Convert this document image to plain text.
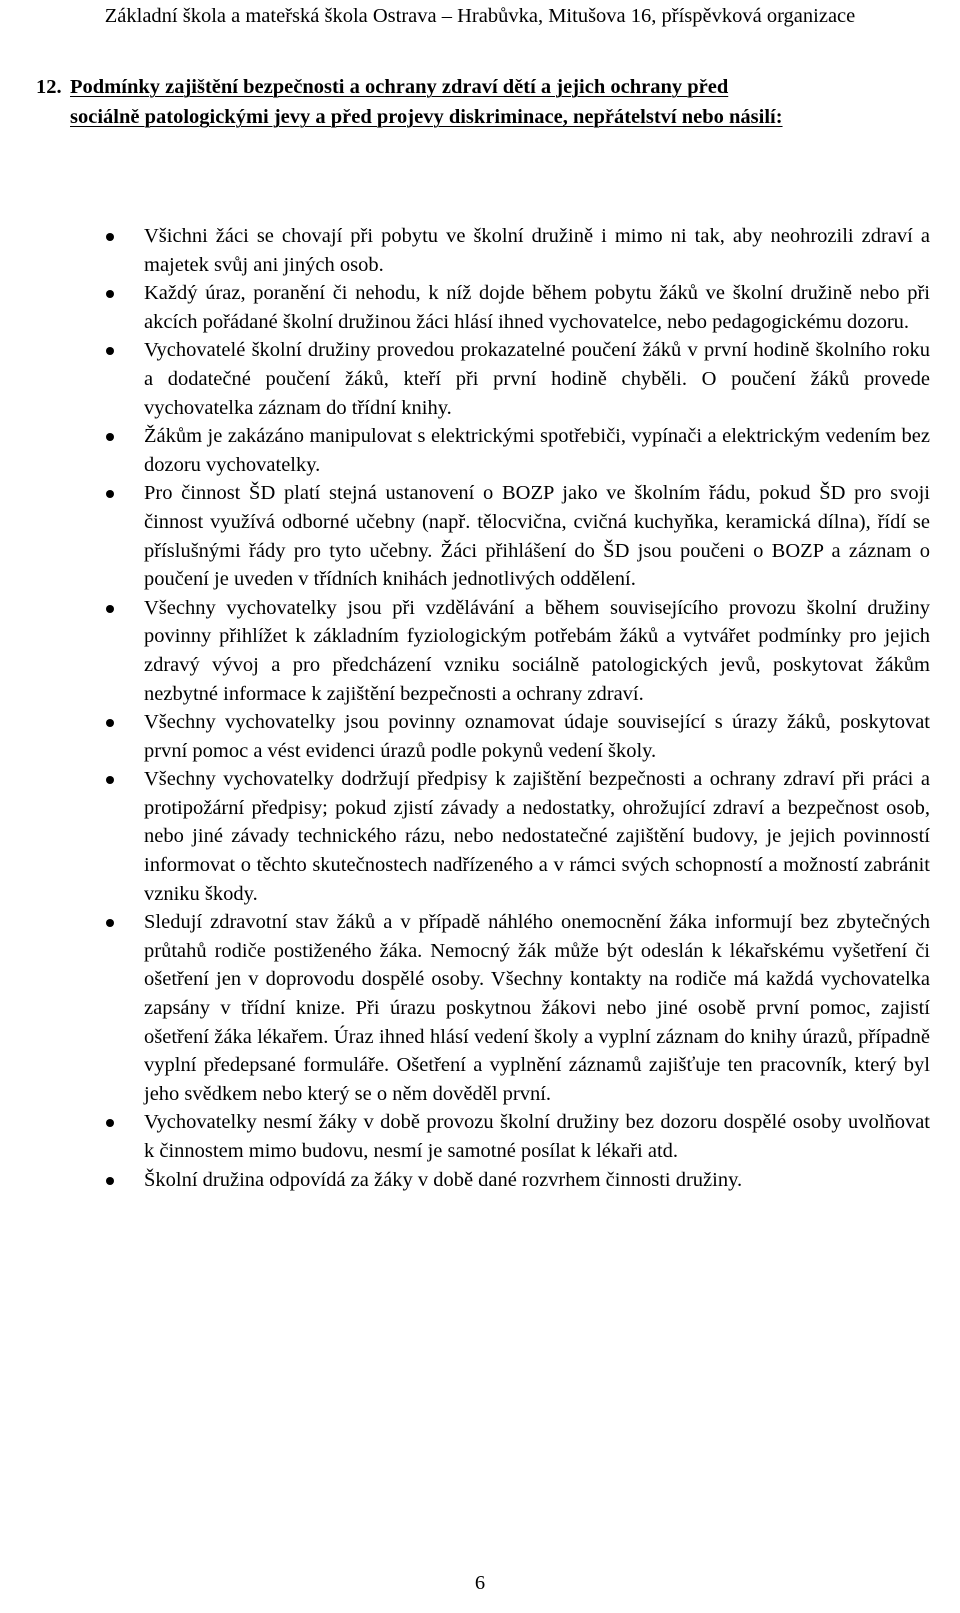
Základní škola a mateřská škola Ostrava – Hrabůvka, Mitušova 16, příspěvková organizace

12. Podmínky zajištění bezpečnosti a ochrany zdraví dětí a jejich ochrany před
sociálně patologickými jevy a před projevy diskriminace, nepřátelství nebo násilí:

Všichni žáci se chovají při pobytu ve školní družině i mimo ni tak, aby neohrozili zdraví a majetek svůj ani jiných osob.
Každý úraz, poranění či nehodu, k níž dojde během pobytu žáků ve školní družině nebo při akcích pořádané školní družinou žáci hlásí ihned vychovatelce, nebo pedagogickému dozoru.
Vychovatelé školní družiny provedou prokazatelné poučení žáků v první hodině školního roku a dodatečné poučení žáků, kteří při první hodině chyběli. O poučení žáků provede vychovatelka záznam do třídní knihy.
Žákům je zakázáno manipulovat s elektrickými spotřebiči, vypínači a elektrickým vedením bez dozoru vychovatelky.
Pro činnost ŠD platí stejná ustanovení o BOZP jako ve školním řádu, pokud ŠD pro svoji činnost využívá odborné učebny (např. tělocvična, cvičná kuchyňka, keramická dílna), řídí se příslušnými řády pro tyto učebny. Žáci přihlášení do ŠD jsou poučeni o BOZP a záznam o poučení je uveden v třídních knihách jednotlivých oddělení.
Všechny vychovatelky jsou při vzdělávání a během souvisejícího provozu školní družiny povinny přihlížet k základním fyziologickým potřebám žáků a vytvářet podmínky pro jejich zdravý vývoj a pro předcházení vzniku sociálně patologických jevů, poskytovat žákům nezbytné informace k zajištění bezpečnosti a ochrany zdraví.
Všechny vychovatelky jsou povinny oznamovat údaje související s úrazy žáků, poskytovat první pomoc a vést evidenci úrazů podle pokynů vedení školy.
Všechny vychovatelky dodržují předpisy k zajištění bezpečnosti a ochrany zdraví při práci a protipožární předpisy; pokud zjistí závady a nedostatky, ohrožující zdraví a bezpečnost osob, nebo jiné závady technického rázu, nebo nedostatečné zajištění budovy, je jejich povinností informovat o těchto skutečnostech nadřízeného a v rámci svých schopností a možností zabránit vzniku škody.
Sledují zdravotní stav žáků a v případě náhlého onemocnění žáka informují bez zbytečných průtahů rodiče postiženého žáka. Nemocný žák může být odeslán k lékařskému vyšetření či ošetření jen v doprovodu dospělé osoby. Všechny kontakty na rodiče má každá vychovatelka zapsány v třídní knize. Při úrazu poskytnou žákovi nebo jiné osobě první pomoc, zajistí ošetření žáka lékařem. Úraz ihned hlásí vedení školy a vyplní záznam do knihy úrazů, případně vyplní předepsané formuláře. Ošetření a vyplnění záznamů zajišťuje ten pracovník, který byl jeho svědkem nebo který se o něm dověděl první.
Vychovatelky nesmí žáky v době provozu školní družiny bez dozoru dospělé osoby uvolňovat k činnostem mimo budovu, nesmí je samotné posílat k lékaři atd.
Školní družina odpovídá za žáky v době dané rozvrhem činnosti družiny.
6
